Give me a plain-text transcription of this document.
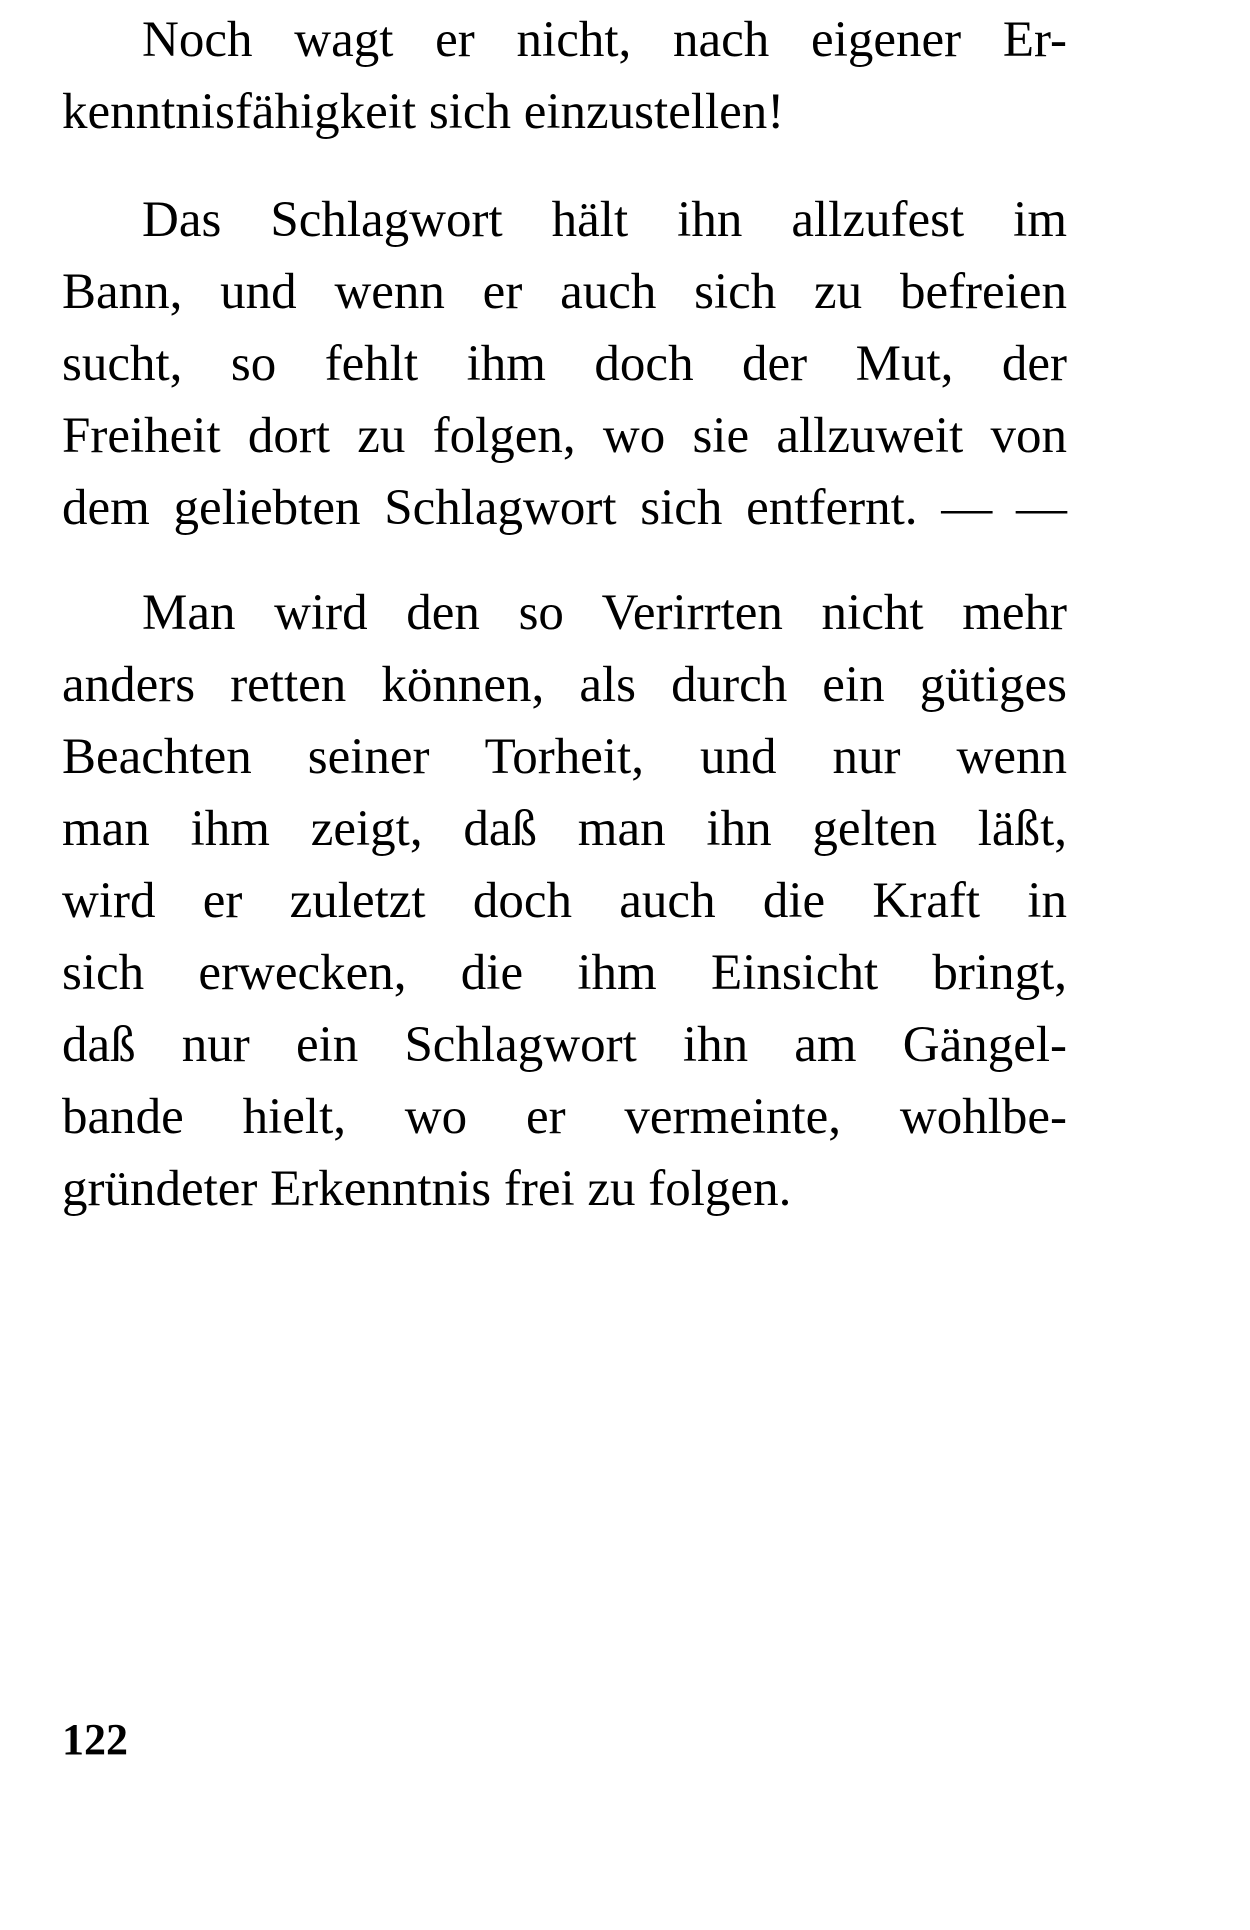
Noch wagt er nicht, nach eigener Er-
kenntnisfähigkeit sich einzustellen!
Das Schlagwort hält ihn allzufest im
Bann, und wenn er auch sich zu befreien
sucht, so fehlt ihm doch der Mut, der
Freiheit dort zu folgen, wo sie allzuweit von
dem geliebten Schlagwort sich entfernt. — —
Man wird den so Verirrten nicht mehr
anders retten können, als durch ein gütiges
Beachten seiner Torheit, und nur wenn
man ihm zeigt, daß man ihn gelten läßt,
wird er zuletzt doch auch die Kraft in
sich erwecken, die ihm Einsicht bringt,
daß nur ein Schlagwort ihn am Gängel-
bande hielt, wo er vermeinte, wohlbe-
gründeter Erkenntnis frei zu folgen.
122
